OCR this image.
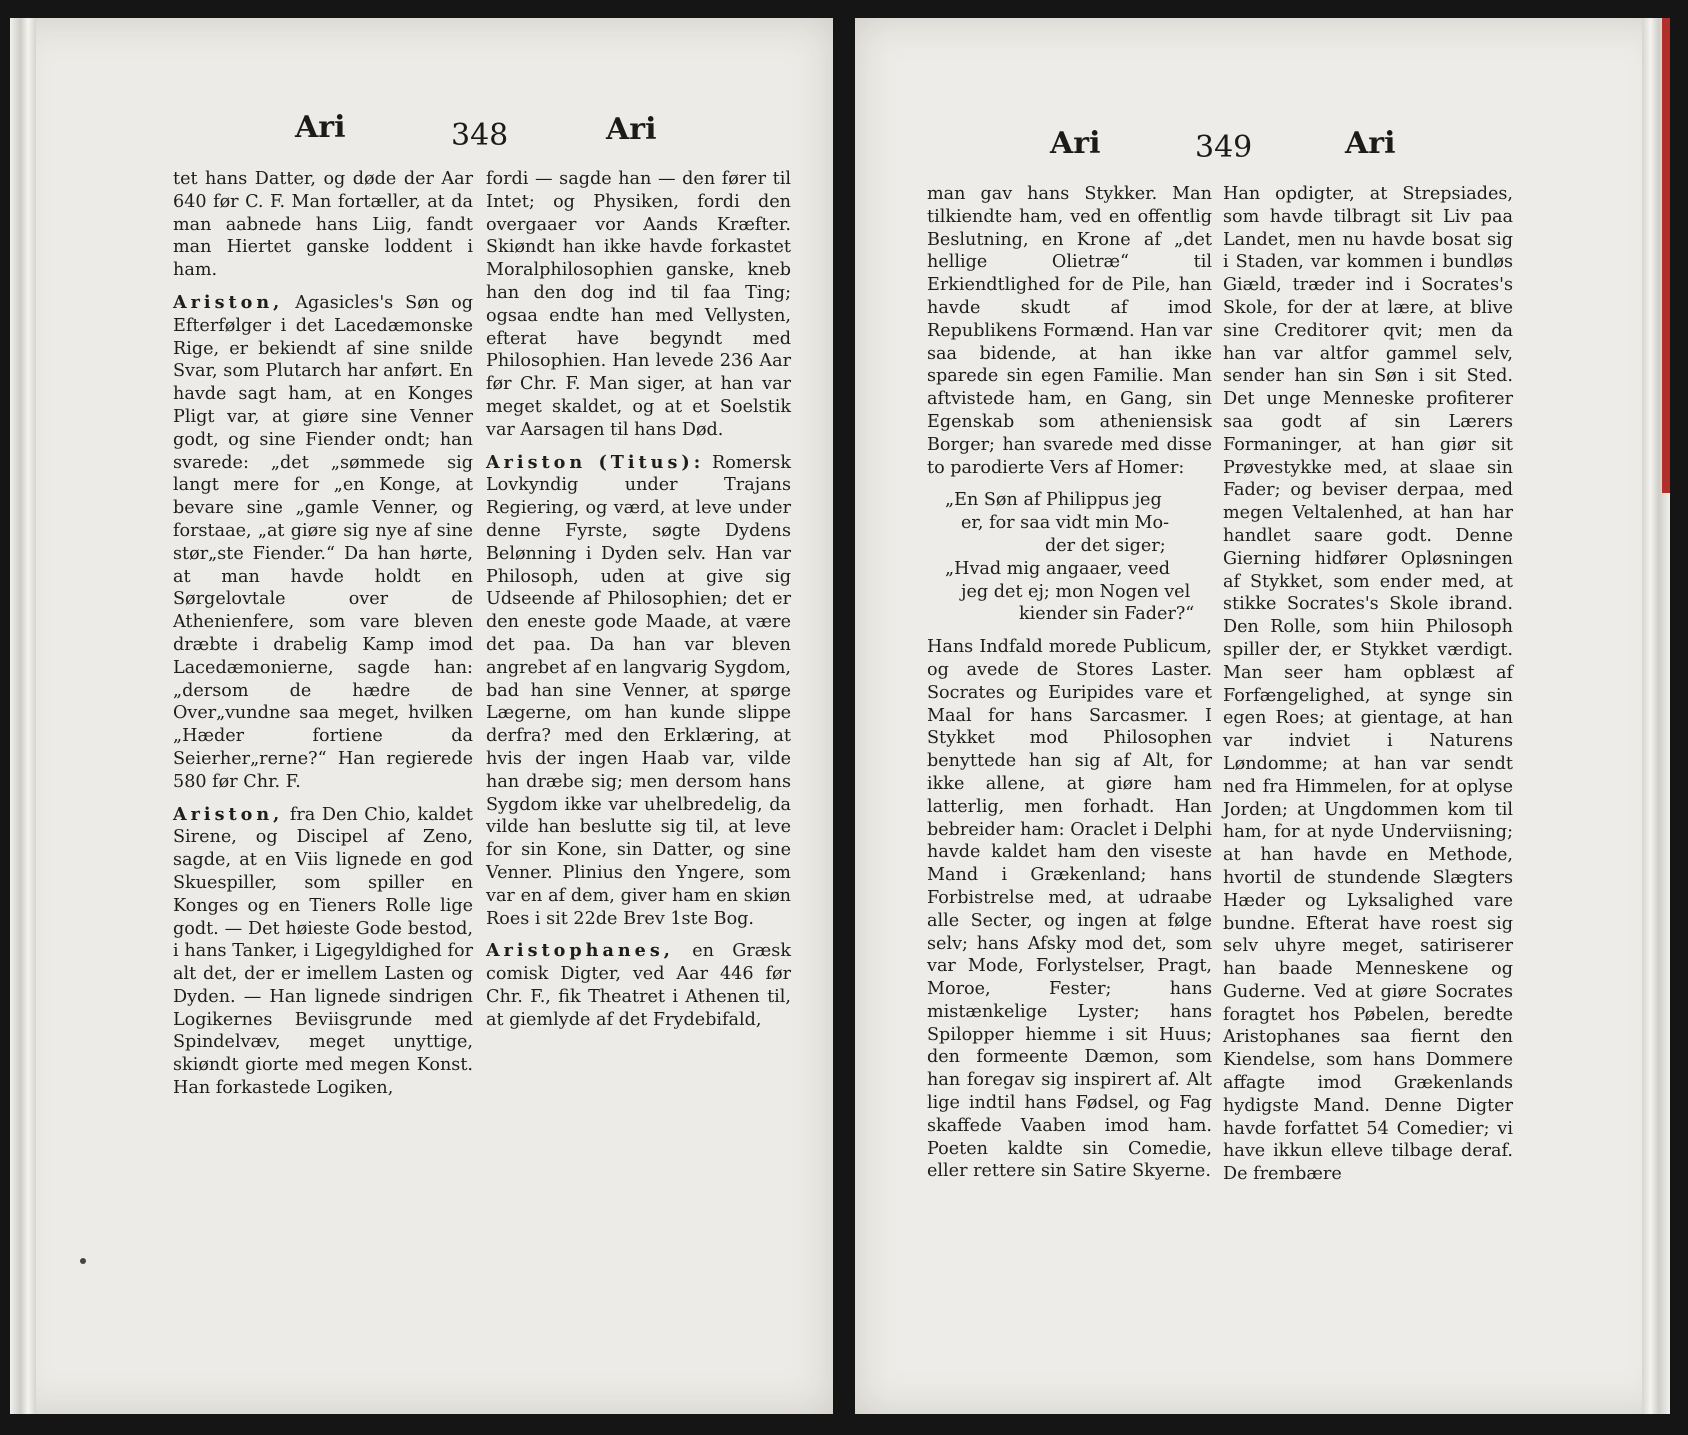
Ari	348	Ari

tet hans Datter, og døde der Aar 640 før C. F. Man fortæller, at da man aabnede hans Liig, fandt man Hiertet ganske loddent i ham.

Ariston, Agasicles's Søn og Efterfølger i det Lacedæmonske Rige, er bekiendt af sine snilde Svar, som Plutarch har anført. En havde sagt ham, at en Konges Pligt var, at giøre sine Venner godt, og sine Fiender ondt; han svarede: „det „sømmede sig langt mere for „en Konge, at bevare sine „gamle Venner, og forstaae, „at giøre sig nye af sine stør„ste Fiender.“ Da han hørte, at man havde holdt en Sørgelovtale over de Athenienfere, som vare bleven dræbte i drabelig Kamp imod Lacedæmonierne, sagde han: „dersom de hædre de Over„vundne saa meget, hvilken „Hæder fortiene da Seierher„rerne?“ Han regierede 580 før Chr. F.

Ariston, fra Den Chio, kaldet Sirene, og Discipel af Zeno, sagde, at en Viis lignede en god Skuespiller, som spiller en Konges og en Tieners Rolle lige godt. — Det høieste Gode bestod, i hans Tanker, i Ligegyldighed for alt det, der er imellem Lasten og Dyden. — Han lignede sindrigen Logikernes Beviisgrunde med Spindelvæv, meget unyttige, skiøndt giorte med megen Konst. Han forkastede Logiken,

fordi — sagde han — den fører til Intet; og Physiken, fordi den overgaaer vor Aands Kræfter. Skiøndt han ikke havde forkastet Moralphilosophien ganske, kneb han den dog ind til faa Ting; ogsaa endte han med Vellysten, efterat have begyndt med Philosophien. Han levede 236 Aar før Chr. F. Man siger, at han var meget skaldet, og at et Soelstik var Aarsagen til hans Død.

Ariston (Titus): Romersk Lovkyndig under Trajans Regiering, og værd, at leve under denne Fyrste, søgte Dydens Belønning i Dyden selv. Han var Philosoph, uden at give sig Udseende af Philosophien; det er den eneste gode Maade, at være det paa. Da han var bleven angrebet af en langvarig Sygdom, bad han sine Venner, at spørge Lægerne, om han kunde slippe derfra? med den Erklæring, at hvis der ingen Haab var, vilde han dræbe sig; men dersom hans Sygdom ikke var uhelbredelig, da vilde han beslutte sig til, at leve for sin Kone, sin Datter, og sine Venner. Plinius den Yngere, som var en af dem, giver ham en skiøn Roes i sit 22de Brev 1ste Bog.

Aristophanes, en Græsk comisk Digter, ved Aar 446 før Chr. F., fik Theatret i Athenen til, at giemlyde af det Frydebifald,

Ari	349	Ari

man gav hans Stykker. Man tilkiendte ham, ved en offentlig Beslutning, en Krone af „det hellige Olietræ“ til Erkiendtlighed for de Pile, han havde skudt af imod Republikens Formænd. Han var saa bidende, at han ikke sparede sin egen Familie. Man aftvistede ham, en Gang, sin Egenskab som atheniensisk Borger; han svarede med disse to parodierte Vers af Homer:

„En Søn af Philippus jeg
er, for saa vidt min Mo-
der det siger;
„Hvad mig angaaer, veed
jeg det ej; mon Nogen vel
kiender sin Fader?“

Hans Indfald morede Publicum, og avede de Stores Laster. Socrates og Euripides vare et Maal for hans Sarcasmer. I Stykket mod Philosophen benyttede han sig af Alt, for ikke allene, at giøre ham latterlig, men forhadt. Han bebreider ham: Oraclet i Delphi havde kaldet ham den viseste Mand i Grækenland; hans Forbistrelse med, at udraabe alle Secter, og ingen at følge selv; hans Afsky mod det, som var Mode, Forlystelser, Pragt, Moroe, Fester; hans mistænkelige Lyster; hans Spilopper hiemme i sit Huus; den formeente Dæmon, som han foregav sig inspirert af. Alt lige indtil hans Fødsel, og Fag skaffede Vaaben imod ham. Poeten kaldte sin Comedie, eller rettere sin Satire Skyerne.

Han opdigter, at Strepsiades, som havde tilbragt sit Liv paa Landet, men nu havde bosat sig i Staden, var kommen i bundløs Giæld, træder ind i Socrates's Skole, for der at lære, at blive sine Creditorer qvit; men da han var altfor gammel selv, sender han sin Søn i sit Sted. Det unge Menneske profiterer saa godt af sin Lærers Formaninger, at han giør sit Prøvestykke med, at slaae sin Fader; og beviser derpaa, med megen Veltalenhed, at han har handlet saare godt. Denne Gierning hidfører Opløsningen af Stykket, som ender med, at stikke Socrates's Skole ibrand. Den Rolle, som hiin Philosoph spiller der, er Stykket værdigt. Man seer ham opblæst af Forfængelighed, at synge sin egen Roes; at gientage, at han var indviet i Naturens Løndomme; at han var sendt ned fra Himmelen, for at oplyse Jorden; at Ungdommen kom til ham, for at nyde Underviisning; at han havde en Methode, hvortil de stundende Slægters Hæder og Lyksalighed vare bundne. Efterat have roest sig selv uhyre meget, satiriserer han baade Menneskene og Guderne. Ved at giøre Socrates foragtet hos Pøbelen, beredte Aristophanes saa fiernt den Kiendelse, som hans Dommere affagte imod Grækenlands hydigste Mand. Denne Digter havde forfattet 54 Comedier; vi have ikkun elleve tilbage deraf. De frembære
